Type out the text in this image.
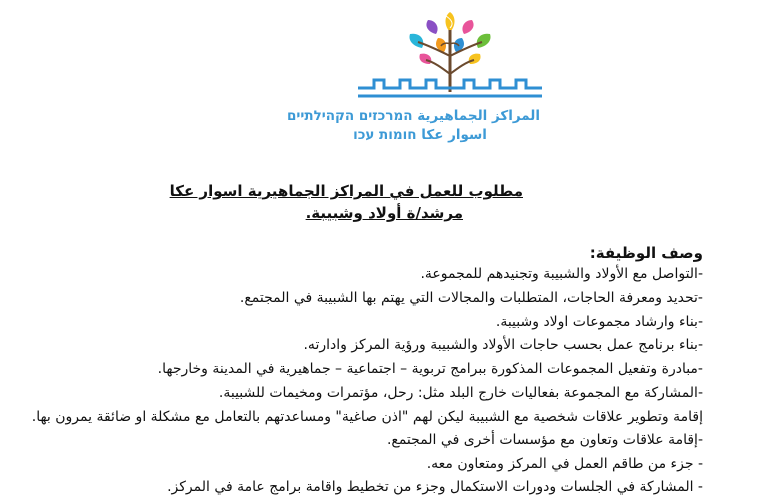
المراكز الجماهيرية המרכזים הקהילתיים
اسوار عكا חומות עכו
مطلوب للعمل في المراكز الجماهيرية اسوار عكا
مرشد/ة أولاد وشبيبة.
وصف الوظيفة:
-التواصل مع الأولاد والشبيبة وتجنيدهم للمجموعة.
-تحديد ومعرفة الحاجات، المتطلبات والمجالات التي يهتم بها الشبيبة في المجتمع.
-بناء وارشاد مجموعات اولاد وشبيبة.
-بناء برنامج عمل بحسب حاجات الأولاد والشبيبة ورؤية المركز وادارته.
-مبادرة وتفعيل المجموعات المذكورة ببرامج تربوية – اجتماعية – جماهيرية في المدينة وخارجها.
-المشاركة مع المجموعة بفعاليات خارج البلد مثل: رحل، مؤتمرات ومخيمات للشبيبة.
إقامة وتطوير علاقات شخصية مع الشبيبة ليكن لهم "اذن صاغية" ومساعدتهم بالتعامل مع مشكلة او ضائقة يمرون بها.
-إقامة علاقات وتعاون مع مؤسسات أخرى في المجتمع.
- جزء من طاقم العمل في المركز ومتعاون معه.
- المشاركة في الجلسات ودورات الاستكمال وجزء من تخطيط واقامة برامج عامة في المركز.
